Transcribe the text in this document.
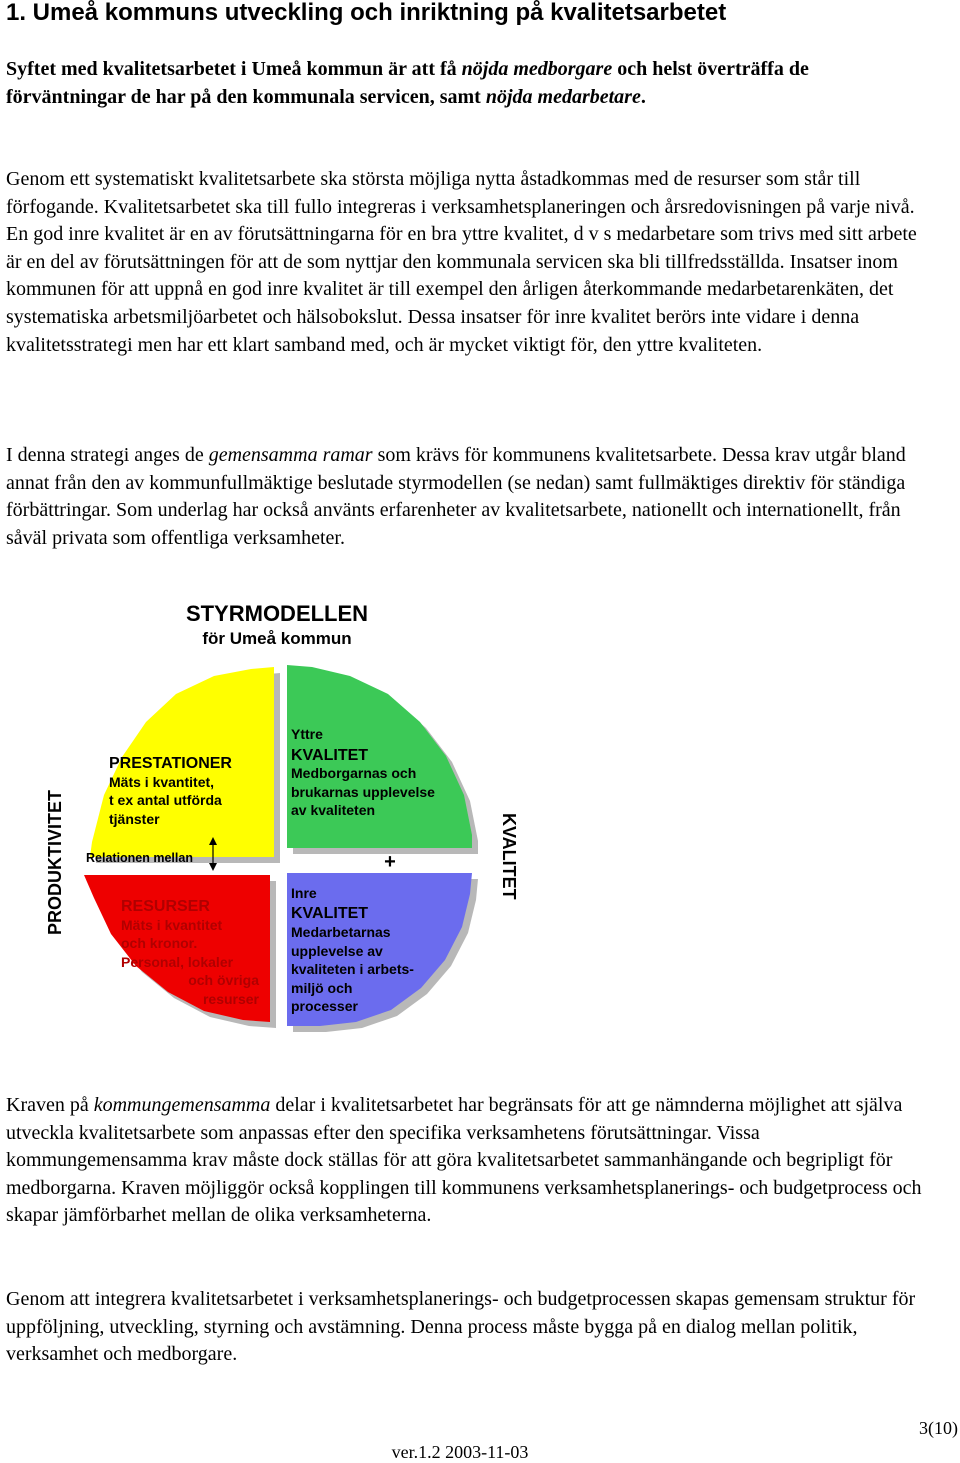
1. Umeå kommuns utveckling och inriktning på kvalitetsarbetet

Syftet med kvalitetsarbetet i Umeå kommun är att få nöjda medborgare och helst överträffa de förväntningar de har på den kommunala servicen, samt nöjda medarbetare.

Genom ett systematiskt kvalitetsarbete ska största möjliga nytta åstadkommas med de resurser som står till förfogande. Kvalitetsarbetet ska till fullo integreras i verksamhetsplaneringen och årsredovisningen på varje nivå. En god inre kvalitet är en av förutsättningarna för en bra yttre kvalitet, d v s medarbetare som trivs med sitt arbete är en del av förutsättningen för att de som nyttjar den kommunala servicen ska bli tillfredsställda. Insatser inom kommunen för att uppnå en god inre kvalitet är till exempel den årligen återkommande medarbetarenkäten, det systematiska arbetsmiljöarbetet och hälsobokslut. Dessa insatser för inre kvalitet berörs inte vidare i denna kvalitetsstrategi men har ett klart samband med, och är mycket viktigt för, den yttre kvaliteten.

I denna strategi anges de gemensamma ramar som krävs för kommunens kvalitetsarbete. Dessa krav utgår bland annat från den av kommunfullmäktige beslutade styrmodellen (se nedan) samt fullmäktiges direktiv för ständiga förbättringar. Som underlag har också använts erfarenheter av kvalitetsarbete, nationellt och internationellt, från såväl privata som offentliga verksamheter.

STYRMODELLEN
för Umeå kommun
PRODUKTIVITET	KVALITET
Relationen mellan	+
PRESTATIONER
Mäts i kvantitet,
t ex antal utförda
tjänster
Yttre
KVALITET
Medborgarnas och
brukarnas upplevelse
av kvaliteten
RESURSER
Mäts i kvantitet
och kronor.
Personal, lokaler
och övriga
resurser
Inre
KVALITET
Medarbetarnas
upplevelse av
kvaliteten i arbets-
miljö och
processer

Kraven på kommungemensamma delar i kvalitetsarbetet har begränsats för att ge nämnderna möjlighet att själva utveckla kvalitetsarbete som anpassas efter den specifika verksamhetens förutsättningar. Vissa kommungemensamma krav måste dock ställas för att göra kvalitetsarbetet sammanhängande och begripligt för medborgarna. Kraven möjliggör också kopplingen till kommunens verksamhetsplanerings- och budgetprocess och skapar jämförbarhet mellan de olika verksamheterna.

Genom att integrera kvalitetsarbetet i verksamhetsplanerings- och budgetprocessen skapas gemensam struktur för uppföljning, utveckling, styrning och avstämning. Denna process måste bygga på en dialog mellan politik, verksamhet och medborgare.

3(10)
ver.1.2 2003-11-03
